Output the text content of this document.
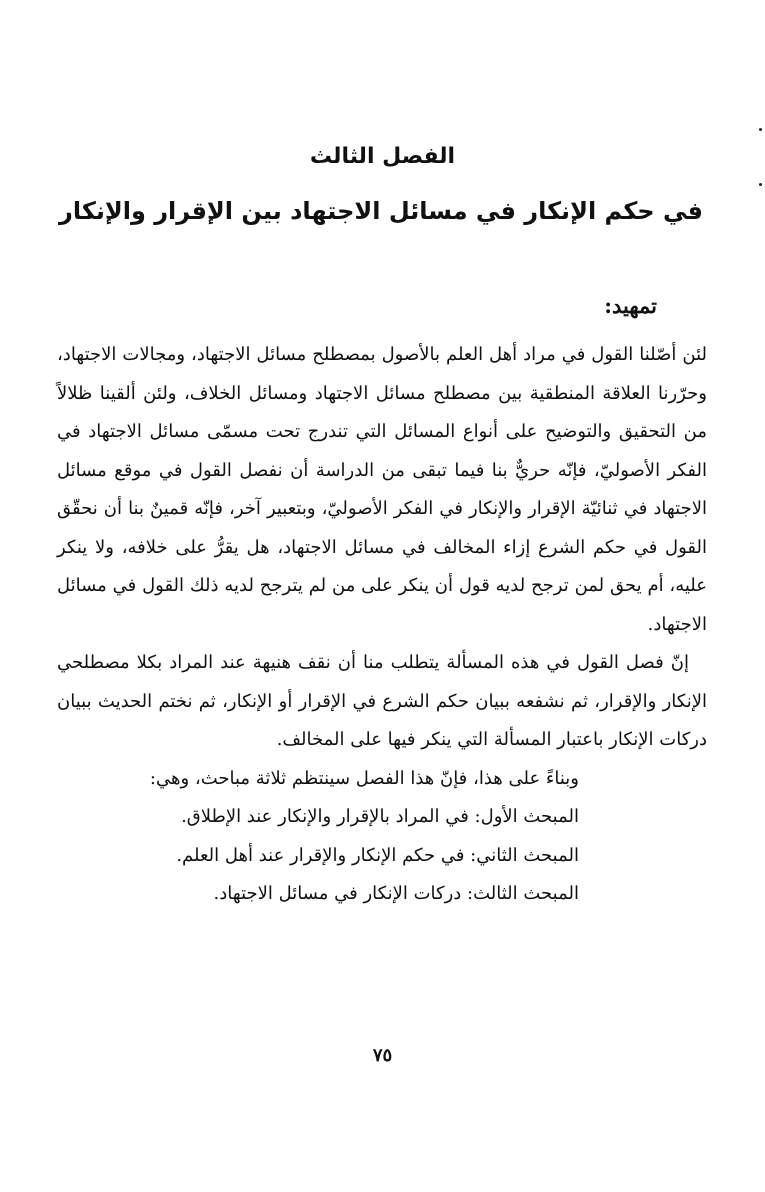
الفصل الثالث
في حكم الإنكار في مسائل الاجتهاد بين الإقرار والإنكار
تمهيد:

لئن أصّلنا القول في مراد أهل العلم بالأصول بمصطلح مسائل الاجتهاد، ومجالات الاجتهاد، وحرّرنا العلاقة المنطقية بين مصطلح مسائل الاجتهاد ومسائل الخلاف، ولئن ألقينا ظلالاً من التحقيق والتوضيح على أنواع المسائل التي تندرج تحت مسمّى مسائل الاجتهاد في الفكر الأصوليّ، فإنّه حريٌّ بنا فيما تبقى من الدراسة أن نفصل القول في موقع مسائل الاجتهاد في ثنائيّة الإقرار والإنكار في الفكر الأصوليّ، وبتعبير آخر، فإنّه قمينٌ بنا أن نحقّق القول في حكم الشرع إزاء المخالف في مسائل الاجتهاد، هل يقرُّ على خلافه، ولا ينكر عليه، أم يحق لمن ترجح لديه قول أن ينكر على من لم يترجح لديه ذلك القول في مسائل الاجتهاد.

إنّ فصل القول في هذه المسألة يتطلب منا أن نقف هنيهة عند المراد بكلا مصطلحي الإنكار والإقرار، ثم نشفعه ببيان حكم الشرع في الإقرار أو الإنكار، ثم نختم الحديث ببيان دركات الإنكار باعتبار المسألة التي ينكر فيها على المخالف.

وبناءً على هذا، فإنّ هذا الفصل سينتظم ثلاثة مباحث، وهي:

المبحث الأول: في المراد بالإقرار والإنكار عند الإطلاق.

المبحث الثاني: في حكم الإنكار والإقرار عند أهل العلم.

المبحث الثالث: دركات الإنكار في مسائل الاجتهاد.

٧٥
